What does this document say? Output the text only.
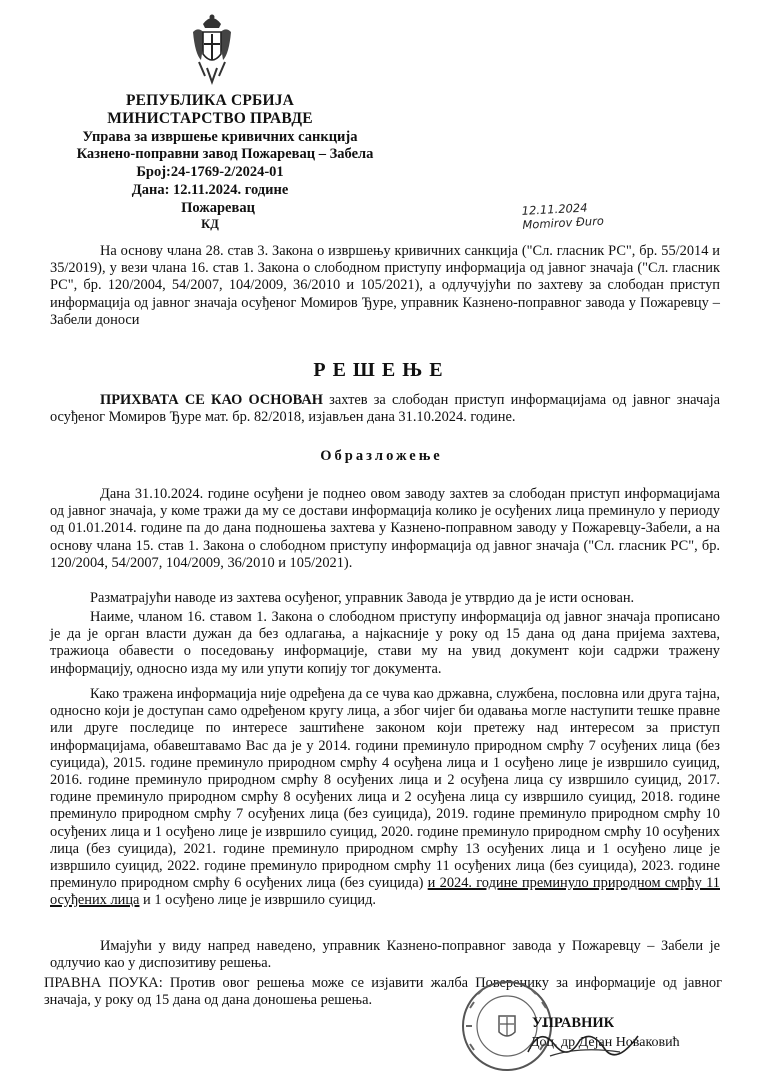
РЕПУБЛИКА СРБИЈА

МИНИСТАРСТВО ПРАВДЕ

Управа за извршење кривичних санкција

Казнено-поправни завод Пожаревац – Забела

Број:24-1769-2/2024-01

Дана: 12.11.2024. године

Пожаревац

КД

12.11.2024
Momirov Đuro

На основу члана 28. став 3. Закона о извршењу кривичних санкција ("Сл. гласник РС", бр. 55/2014 и 35/2019), у вези члана 16. став 1. Закона о слободном приступу информација од јавног значаја ("Сл. гласник РС", бр. 120/2004, 54/2007, 104/2009, 36/2010 и 105/2021), а одлучујући по захтеву за слободан приступ информација од јавног значаја осуђеног Момиров Ђуре, управник Казнено-поправног завода у Пожаревцу – Забели доноси

РЕШЕЊЕ

ПРИХВАТА СЕ КАО ОСНОВАН захтев за слободан приступ информацијама од јавног значаја осуђеног Момиров Ђуре мат. бр. 82/2018, изјављен дана 31.10.2024. године.

Образложење

Дана 31.10.2024. године осуђени је поднео овом заводу захтев за слободан приступ информацијама од јавног значаја, у коме тражи да му се достави информација колико је осуђених лица преминуло у периоду од 01.01.2014. године па до дана подношења захтева у Казнено-поправном заводу у Пожаревцу-Забели, а на основу члана 15. став 1. Закона о слободном приступу информација од јавног значаја ("Сл. гласник РС", бр. 120/2004, 54/2007, 104/2009, 36/2010 и 105/2021).

Разматрајући наводе из захтева осуђеног, управник Завода је утврдио да је исти основан.

Наиме, чланом 16. ставом 1. Закона о слободном приступу информација од јавног значаја прописано је да је орган власти дужан да без одлагања, а најкасније у року од 15 дана од дана пријема захтева, тражиоца обавести о поседовању информације, стави му на увид документ који садржи тражену информацију, односно изда му или упути копију тог документа.

Како тражена информација није одређена да се чува као државна, службена, пословна или друга тајна, односно који је доступан само одређеном кругу лица, а због чијег би одавања могле наступити тешке правне или друге последице по интересе заштићене законом који претежу над интересом за приступ информацијама, обавештавамо Вас да је у 2014. години преминуло природном смрћу 7 осуђених лица (без суицида), 2015. године преминуло природном смрћу 4 осуђена лица и 1 осуђено лице је извршило суицид, 2016. године преминуло природном смрћу 8 осуђених лица и 2 осуђена лица су извршило суицид, 2017. године преминуло природном смрћу 8 осуђених лица и 2 осуђена лица су извршило суицид, 2018. године преминуло природном смрћу 7 осуђених лица (без суицида), 2019. године преминуло природном смрћу 10 осуђених лица и 1 осуђено лице је извршило суицид, 2020. године преминуло природном смрћу 10 осуђених лица (без суицида), 2021. године преминуло природном смрћу 13 осуђених лица и 1 осуђено лице је извршило суицид, 2022. године преминуло природном смрћу 11 осуђених лица (без суицида), 2023. године преминуло природном смрћу 6 осуђених лица (без суицида) и 2024. године преминуло природном смрћу 11 осуђених лица и 1 осуђено лице је извршило суицид.

Имајући у виду напред наведено, управник Казнено-поправног завода у Пожаревцу – Забели је одлучио као у диспозитиву решења.

ПРАВНА ПОУКА: Против овог решења може се изјавити жалба Поверенику за информације од јавног значаја, у року од 15 дана од дана доношења решења.

УПРАВНИК

Доц. др Дејан Новаковић
